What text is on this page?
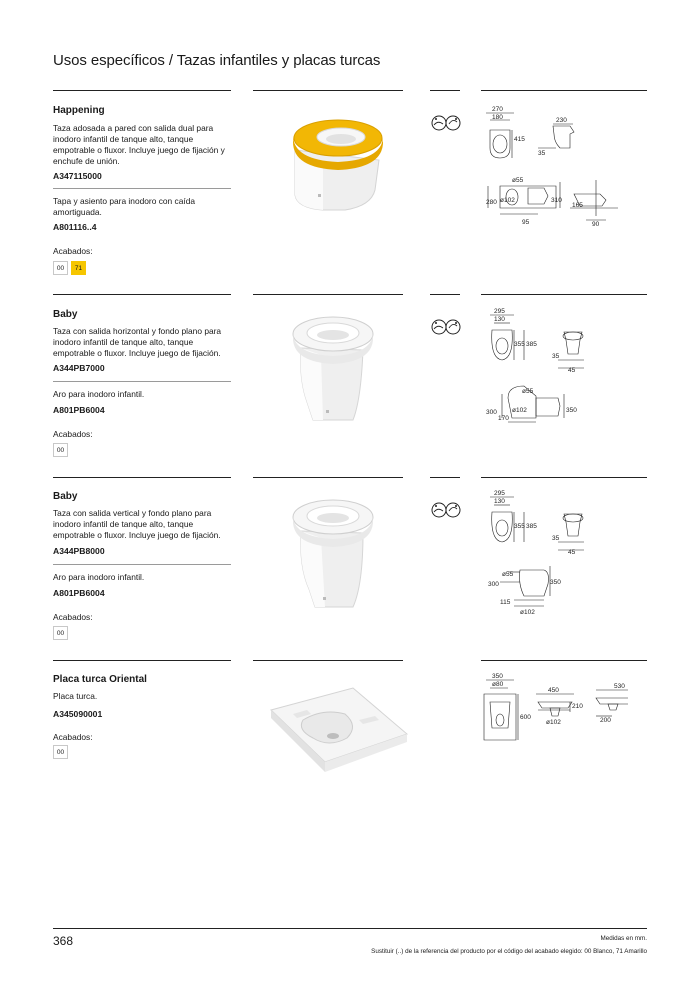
Usos específicos / Tazas infantiles y placas turcas
Happening
Taza adosada a pared con salida dual para inodoro infantil de tanque alto, tanque empotrable o fluxor. Incluye juego de fijación y enchufe de unión.
A347115000
Tapa y asiento para inodoro con caída amortiguada.
A801116..4
Acabados:
00	71
270
180
415
230
35
ø55
280 ø102	310
165
95	90
Baby
Taza con salida horizontal y fondo plano para inodoro infantil de tanque alto, tanque empotrable o fluxor. Incluye juego de fijación.
A344PB7000
Aro para inodoro infantil.
A801PB6004
Acabados:
00
295
130
355 385
35
45
ø55
300 ø102
170
350
Baby
Taza con salida vertical y fondo plano para inodoro infantil de tanque alto, tanque empotrable o fluxor. Incluye juego de fijación.
A344PB8000
Aro para inodoro infantil.
A801PB6004
Acabados:
00
295
130
355 385
35
45
ø55
300	350
115
ø102
Placa turca Oriental
Placa turca.
A345090001
Acabados:
00
350
ø80
600
450
210
ø102
530
200
368	Medidas en mm.
Sustituir (..) de la referencia del producto por el código del acabado elegido: 00 Blanco, 71 Amarillo
